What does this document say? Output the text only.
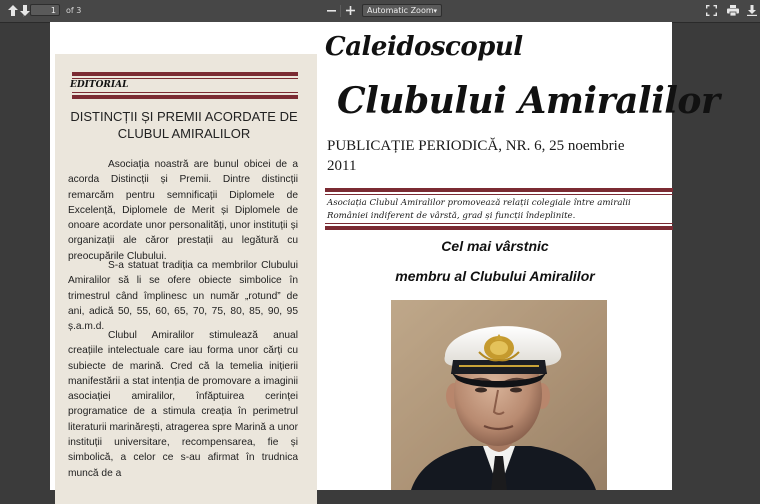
1	of 3	Automatic Zoom ▾
EDITORIAL
DISTINCȚII ȘI PREMII ACORDATE DE CLUBUL AMIRALILOR
Asociația noastră are bunul obicei de a acorda Distincții și Premii. Dintre distincții remarcăm pentru semnificații Diplomele de Excelență, Diplomele de Merit și Diplomele de onoare acordate unor personalități, unor instituții și organizații ale căror prestații au legătură cu preocupările Clubului.
S-a statuat tradiția ca membrilor Clubului Amiralilor să li se ofere obiecte simbolice în trimestrul când împlinesc un număr „rotund” de ani, adică 50, 55, 60, 65, 70, 75, 80, 85, 90, 95 ș.a.m.d.
Clubul Amiralilor stimulează anual creațiile intelectuale care iau forma unor cărți cu subiecte de marină. Cred că la temelia inițierii manifestării a stat intenția de promovare a imaginii asociației amiralilor, înfăptuirea cerinței programatice de a stimula creația în perimetrul literaturii marinărești, atragerea spre Marină a unor instituții universitare, recompensarea, fie și simbolică, a celor ce s-au afirmat în trudnica muncă de a
Caleidoscopul
Clubului Amiralilor
PUBLICAȚIE PERIODICĂ, NR. 6, 25 noembrie 2011
Asociația Clubul Amiralilor promovează relații colegiale între amiralii României indiferent de vârstă, grad și funcții îndeplinite.
Cel mai vârstnic
membru al Clubului Amiralilor
